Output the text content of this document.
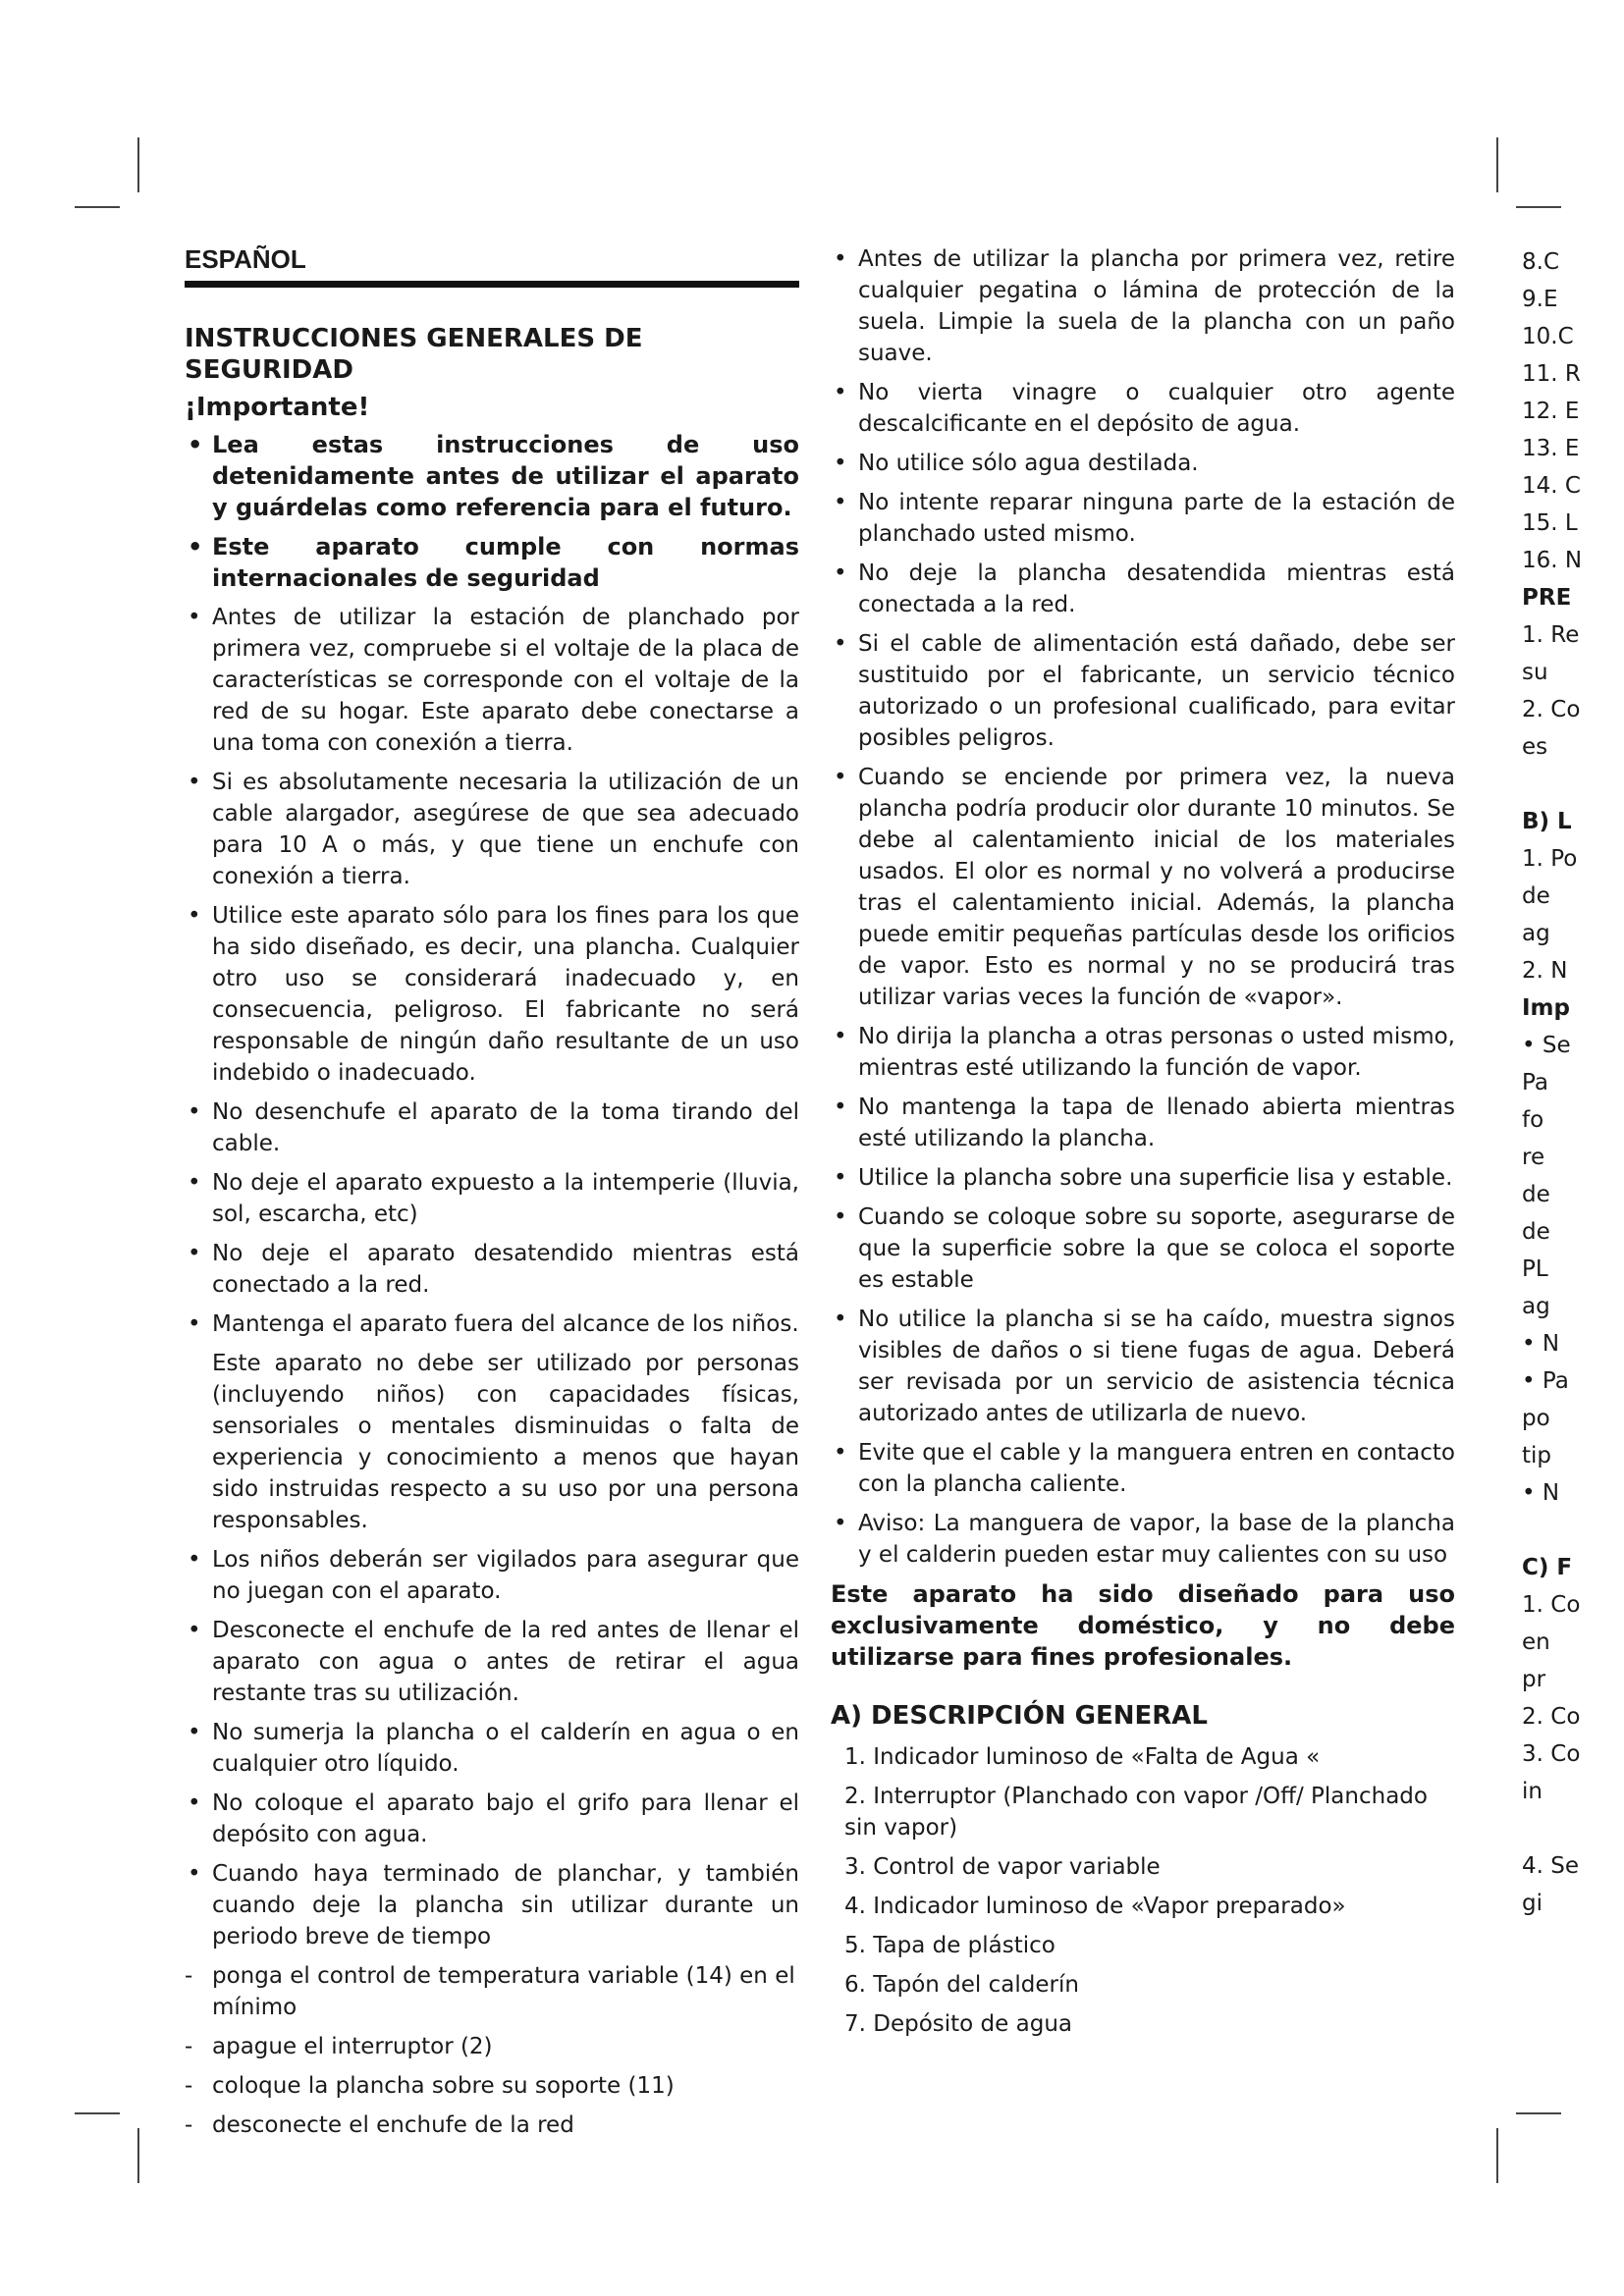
ESPAÑOL
INSTRUCCIONES GENERALES DE SEGURIDAD
¡Importante!
• Lea estas instrucciones de uso detenidamente antes de utilizar el aparato y guárdelas como referencia para el futuro.
• Este aparato cumple con normas internacionales de seguridad
• Antes de utilizar la estación de planchado por primera vez, compruebe si el voltaje de la placa de características se corresponde con el voltaje de la red de su hogar. Este aparato debe conectarse a una toma con conexión a tierra.
• Si es absolutamente necesaria la utilización de un cable alargador, asegúrese de que sea adecuado para 10 A o más, y que tiene un enchufe con conexión a tierra.
• Utilice este aparato sólo para los fines para los que ha sido diseñado, es decir, una plancha. Cualquier otro uso se considerará inadecuado y, en consecuencia, peligroso. El fabricante no será responsable de ningún daño resultante de un uso indebido o inadecuado.
• No desenchufe el aparato de la toma tirando del cable.
• No deje el aparato expuesto a la intemperie (lluvia, sol, escarcha, etc)
• No deje el aparato desatendido mientras está conectado a la red.
• Mantenga el aparato fuera del alcance de los niños.
Este aparato no debe ser utilizado por personas (incluyendo niños) con capacidades físicas, sensoriales o mentales disminuidas o falta de experiencia y conocimiento a menos que hayan sido instruidas respecto a su uso por una persona responsables.
• Los niños deberán ser vigilados para asegurar que no juegan con el aparato.
• Desconecte el enchufe de la red antes de llenar el aparato con agua o antes de retirar el agua restante tras su utilización.
• No sumerja la plancha o el calderín en agua o en cualquier otro líquido.
• No coloque el aparato bajo el grifo para llenar el depósito con agua.
• Cuando haya terminado de planchar, y también cuando deje la plancha sin utilizar durante un periodo breve de tiempo
- ponga el control de temperatura variable (14) en el mínimo
- apague el interruptor (2)
- coloque la plancha sobre su soporte (11)
- desconecte el enchufe de la red
• Antes de utilizar la plancha por primera vez, retire cualquier pegatina o lámina de protección de la suela. Limpie la suela de la plancha con un paño suave.
• No vierta vinagre o cualquier otro agente descalcificante en el depósito de agua.
• No utilice sólo agua destilada.
• No intente reparar ninguna parte de la estación de planchado usted mismo.
• No deje la plancha desatendida mientras está conectada a la red.
• Si el cable de alimentación está dañado, debe ser sustituido por el fabricante, un servicio técnico autorizado o un profesional cualificado, para evitar posibles peligros.
• Cuando se enciende por primera vez, la nueva plancha podría producir olor durante 10 minutos. Se debe al calentamiento inicial de los materiales usados. El olor es normal y no volverá a producirse tras el calentamiento inicial. Además, la plancha puede emitir pequeñas partículas desde los orificios de vapor. Esto es normal y no se producirá tras utilizar varias veces la función de «vapor».
• No dirija la plancha a otras personas o usted mismo, mientras esté utilizando la función de vapor.
• No mantenga la tapa de llenado abierta mientras esté utilizando la plancha.
• Utilice la plancha sobre una superficie lisa y estable.
• Cuando se coloque sobre su soporte, asegurarse de que la superficie sobre la que se coloca el soporte es estable
• No utilice la plancha si se ha caído, muestra signos visibles de daños o si tiene fugas de agua. Deberá ser revisada por un servicio de asistencia técnica autorizado antes de utilizarla de nuevo.
• Evite que el cable y la manguera entren en contacto con la plancha caliente.
• Aviso: La manguera de vapor, la base de la plancha y el calderin pueden estar muy calientes con su uso
Este aparato ha sido diseñado para uso exclusivamente doméstico, y no debe utilizarse para fines profesionales.
A) DESCRIPCIÓN GENERAL
1. Indicador luminoso de «Falta de Agua «
2. Interruptor (Planchado con vapor /Off/ Planchado sin vapor)
3. Control de vapor variable
4. Indicador luminoso de «Vapor preparado»
5. Tapa de plástico
6. Tapón del calderín
7. Depósito de agua
8.C
9.E
10.C
11. R
12. E
13. E
14. C
15. L
16. N
PRE
1. Re
su
2. Co
es

B) L
1. Po
de
ag
2. N
Imp
• Se
Pa
fo
re
de
de
PL
ag
• N
• Pa
po
tip
• N

C) F
1. Co
en
pr
2. Co
3. Co
in

4. Se
gi
